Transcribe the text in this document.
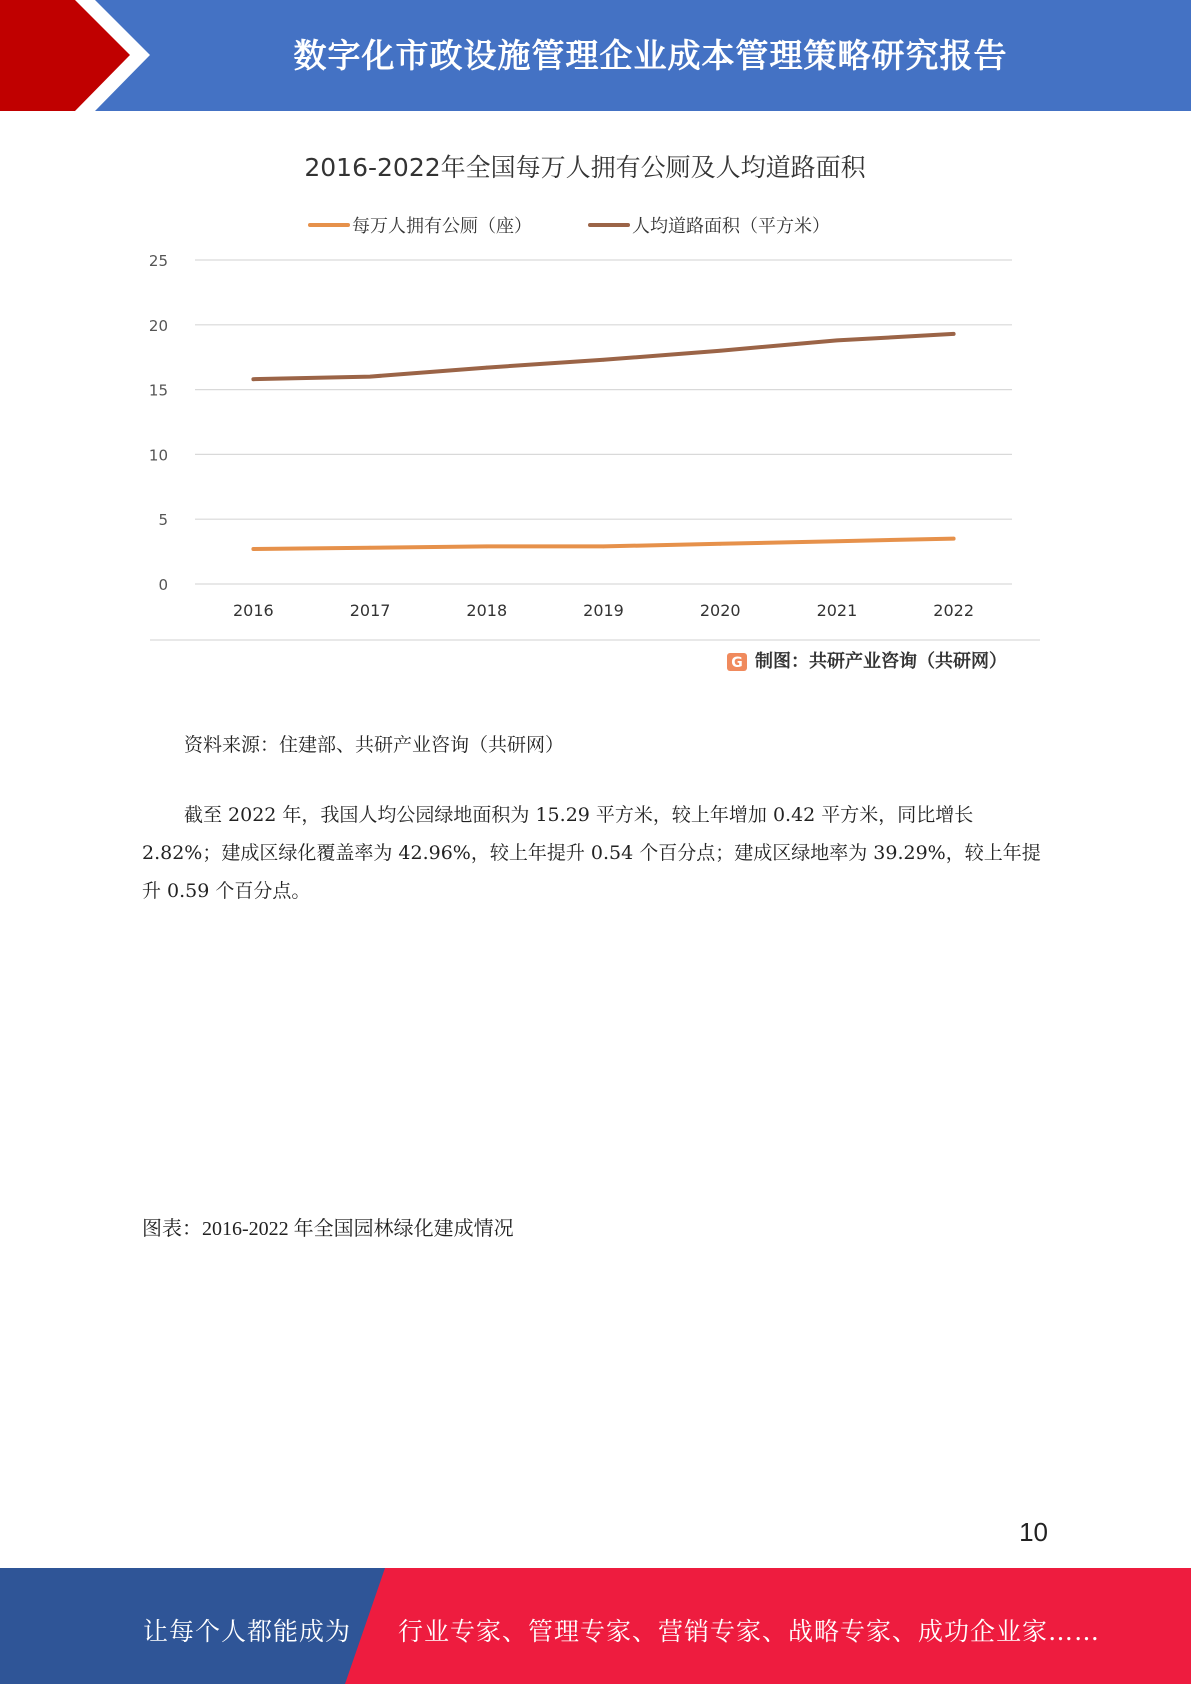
数字化市政设施管理企业成本管理策略研究报告
2016-2022年全国每万人拥有公厕及人均道路面积
每万人拥有公厕（座）	人均道路面积（平方米）
0
5
10
15
20
25
2016	2017	2018	2019	2020	2021	2022
G 制图：共研产业咨询（共研网）
资料来源：住建部、共研产业咨询（共研网）
截至 2022 年，我国人均公园绿地面积为 15.29 平方米，较上年增加 0.42 平方米，同比增长 2.82%；建成区绿化覆盖率为 42.96%，较上年提升 0.54 个百分点；建成区绿地率为 39.29%，较上年提升 0.59 个百分点。
图表：2016-2022 年全国园林绿化建成情况
10
让每个人都能成为 行业专家、管理专家、营销专家、战略专家、成功企业家……
